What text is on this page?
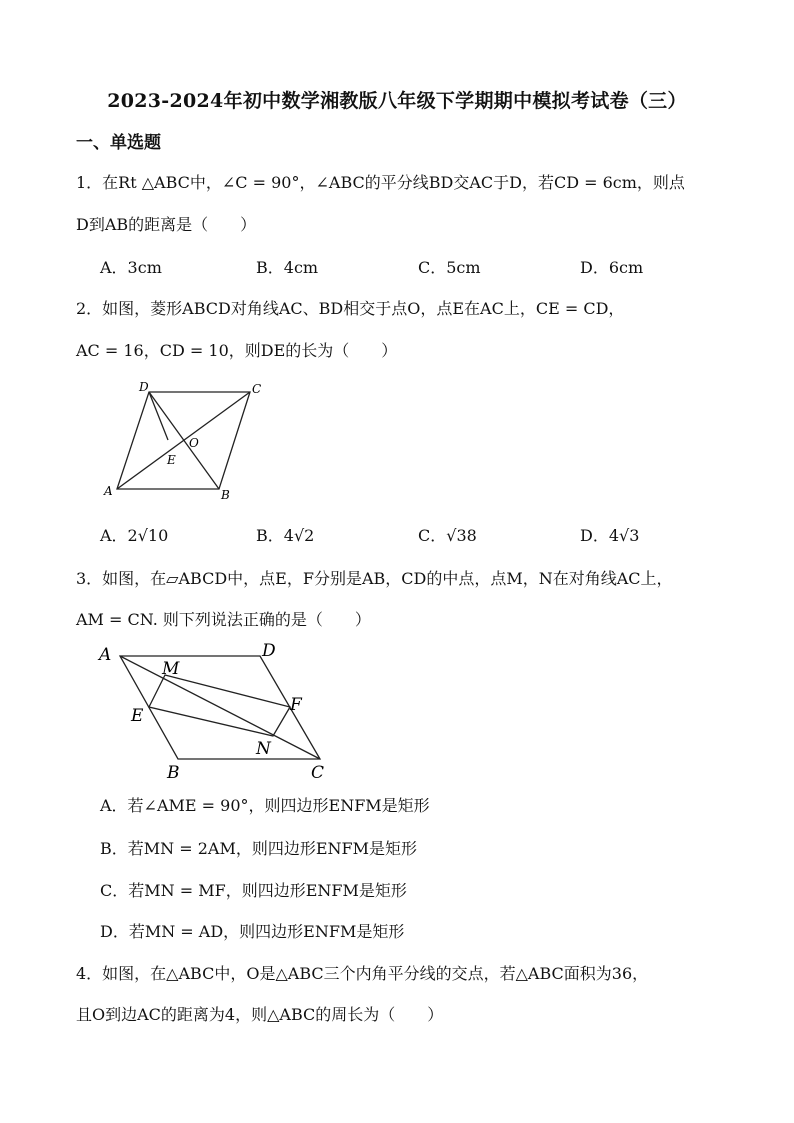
2023-2024年初中数学湘教版八年级下学期期中模拟考试卷（三）
一、单选题
1．在Rt △ABC中，∠C = 90°，∠ABC的平分线BD交AC于D，若CD = 6cm，则点
D到AB的距离是（　　）
A．3cm	B．4cm	C．5cm	D．6cm
2．如图，菱形ABCD对角线AC、BD相交于点O，点E在AC上，CE = CD，
AC = 16，CD = 10，则DE的长为（　　）
A	B
C
D
O
E
A．2√10	B．4√2	C．√38	D．4√3
3．如图，在▱ABCD中，点E，F分别是AB，CD的中点，点M，N在对角线AC上，
AM = CN. 则下列说法正确的是（　　）
A	D
M
E
F
N
B	C
A．若∠AME = 90°，则四边形ENFM是矩形
B．若MN = 2AM，则四边形ENFM是矩形
C．若MN = MF，则四边形ENFM是矩形
D．若MN = AD，则四边形ENFM是矩形
4．如图，在△ABC中，O是△ABC三个内角平分线的交点，若△ABC面积为36，
且O到边AC的距离为4，则△ABC的周长为（　　）
